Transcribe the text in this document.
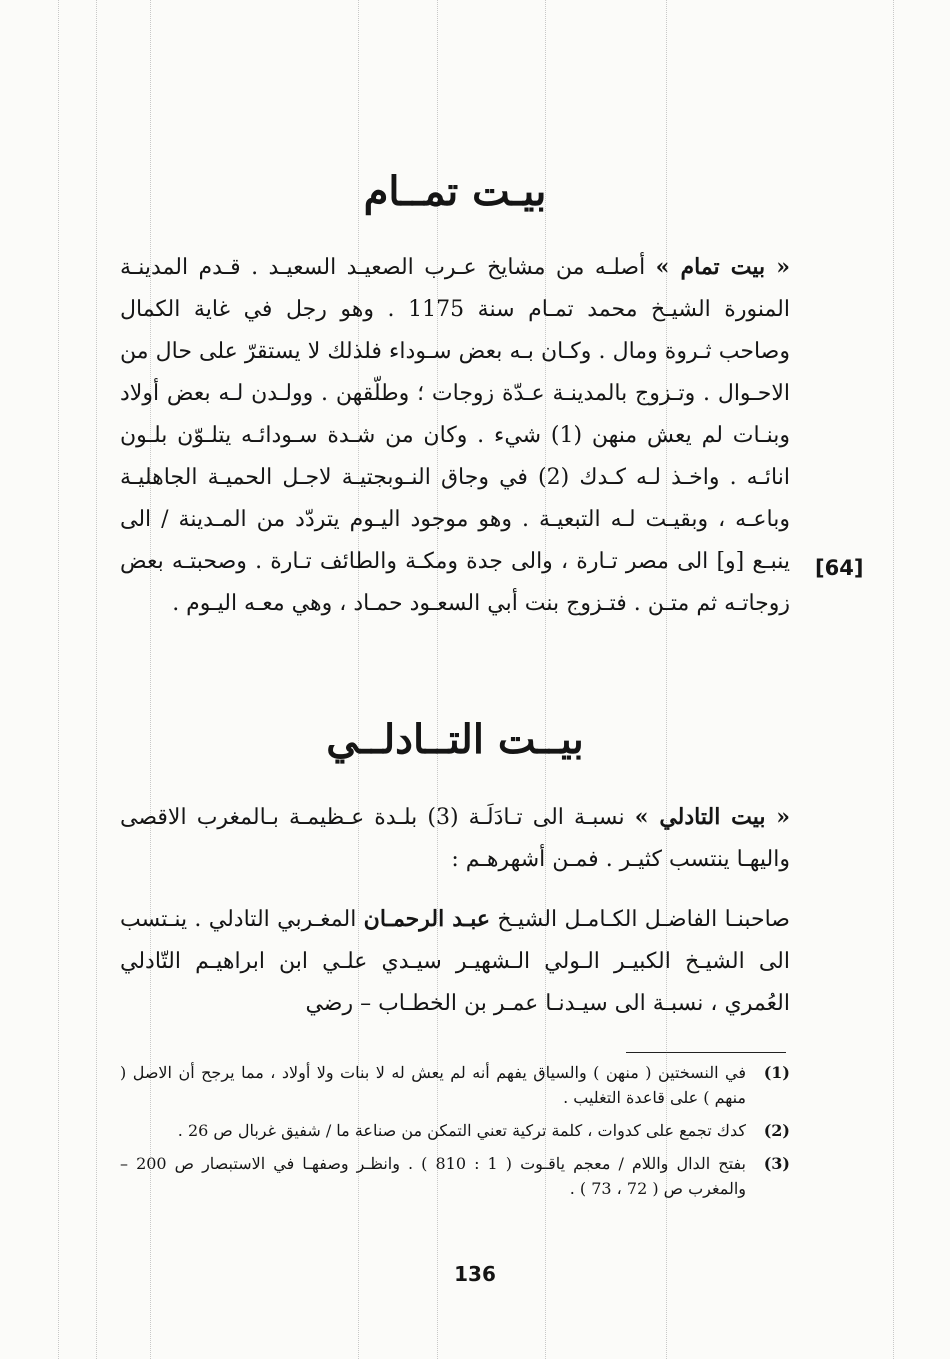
بيـت تمــام
« بيت تمام » أصلـه من مشايخ عـرب الصعيـد السعيـد . قـدم المدينـة المنورة الشيـخ محمد تمـام سنة 1175 . وهو رجل في غاية الكمال وصاحب ثـروة ومال . وكـان بـه بعض سـوداء فلذلك لا يستقرّ على حال من الاحـوال . وتـزوج بالمدينـة عـدّة زوجات ؛ وطلّقهن . وولـدن لـه بعض أولاد وبنـات لم يعش منهن (1) شيء . وكان من شـدة سـودائـه يتلـوّن بلـون انائـه . واخـذ لـه كـدك (2) في وجاق النـوبجتيـة لاجـل الحميـة الجاهليـة وباعـه ، وبقيـت لـه التبعيـة . وهو موجود اليـوم يتردّد من المـدينة / الى ينبـع [و] الى مصر تـارة ، والى جدة ومكـة والطائف تـارة . وصحبتـه بعض زوجاتـه ثم متـن . فتـزوج بنت أبي السعـود حمـاد ، وهي معـه اليـوم .
[64]
بيــت التــادلــي
« بيت التادلي » نسبـة الى تـادَلَـة (3) بلـدة عـظيمـة بـالمغرب الاقصى واليهـا ينتسب كثيـر . فمـن أشهرهـم :
صاحبنـا الفاضـل الكـامـل الشيـخ عبـد الرحمـان المغـربي التادلي . ينـتسب الى الشيـخ الكبيـر الـولي الـشهيـر سيـدي علـي ابن ابراهيـم التّادلي العُمري ، نسبـة الى سيـدنـا عمـر بن الخطـاب – رضي
(1)
في النسختين ( منهن ) والسياق يفهم أنه لم يعش له لا بنات ولا أولاد ، مما يرجح أن الاصل ( منهم ) على قاعدة التغليب .
(2)
كدك تجمع على كدوات ، كلمة تركية تعني التمكن من صناعة ما / شفيق غربال ص 26 .
(3)
بفتح الدال واللام / معجم ياقـوت ( 1 : 810 ) . وانظـر وصفهـا في الاستبصار ص 200 – والمغرب ص ( 72 ، 73 ) .
136
